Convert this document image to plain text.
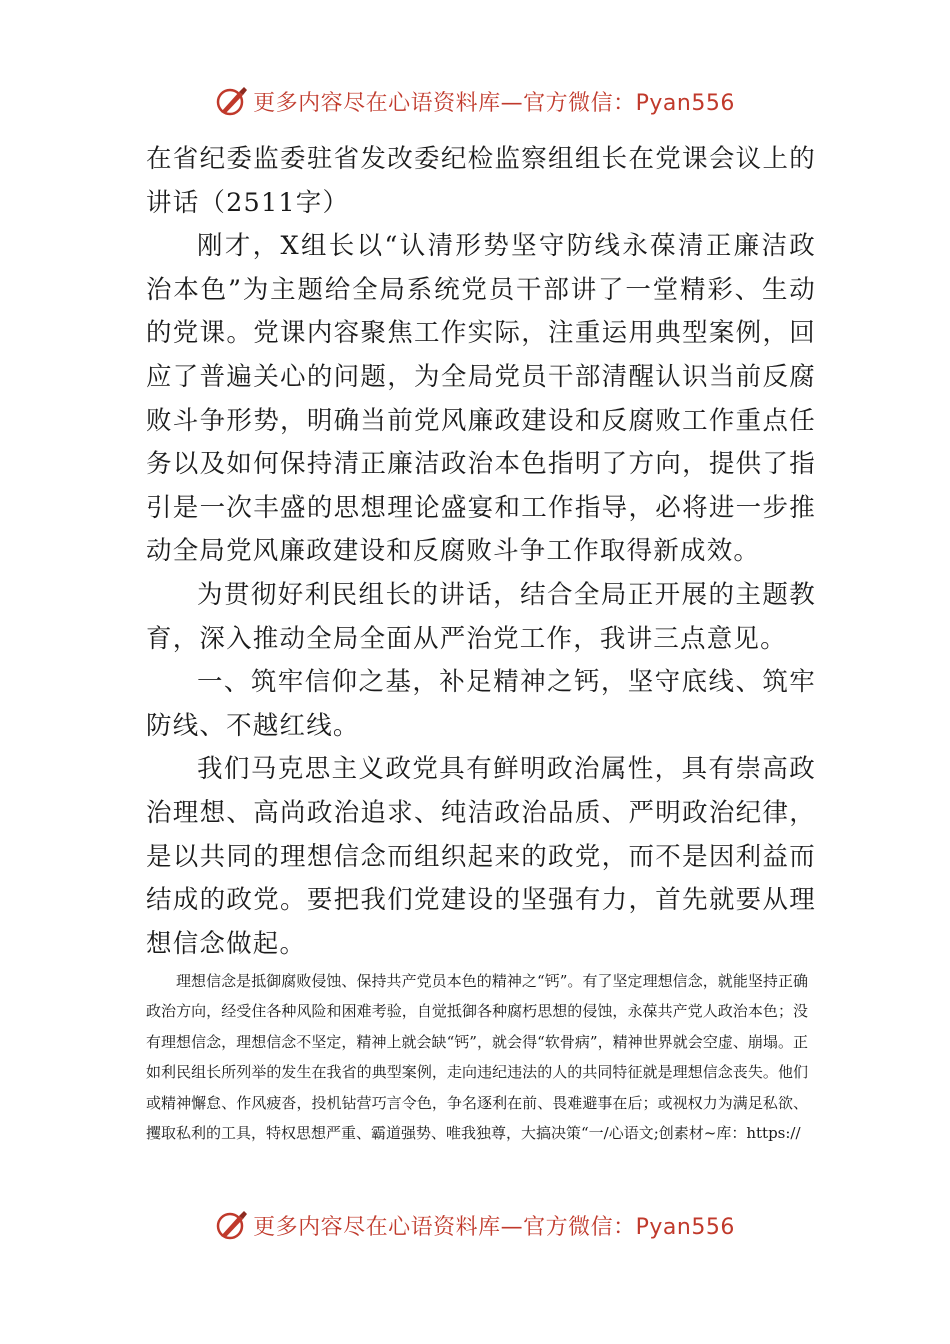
更多内容尽在心语资料库—官方微信：Pyan556

在省纪委监委驻省发改委纪检监察组组长在党课会议上的讲话（2511字）

刚才，X组长以“认清形势坚守防线永葆清正廉洁政治本色”为主题给全局系统党员干部讲了一堂精彩、生动的党课。党课内容聚焦工作实际，注重运用典型案例，回应了普遍关心的问题，为全局党员干部清醒认识当前反腐败斗争形势，明确当前党风廉政建设和反腐败工作重点任务以及如何保持清正廉洁政治本色指明了方向，提供了指引是一次丰盛的思想理论盛宴和工作指导，必将进一步推动全局党风廉政建设和反腐败斗争工作取得新成效。

为贯彻好利民组长的讲话，结合全局正开展的主题教育，深入推动全局全面从严治党工作，我讲三点意见。

一、筑牢信仰之基，补足精神之钙，坚守底线、筑牢防线、不越红线。

我们马克思主义政党具有鲜明政治属性，具有崇高政治理想、高尚政治追求、纯洁政治品质、严明政治纪律，是以共同的理想信念而组织起来的政党，而不是因利益而结成的政党。要把我们党建设的坚强有力，首先就要从理想信念做起。

理想信念是抵御腐败侵蚀、保持共产党员本色的精神之“钙”。有了坚定理想信念，就能坚持正确政治方向，经受住各种风险和困难考验，自觉抵御各种腐朽思想的侵蚀，永葆共产党人政治本色；没有理想信念，理想信念不坚定，精神上就会缺“钙”，就会得“软骨病”，精神世界就会空虚、崩塌。正如利民组长所列举的发生在我省的典型案例，走向违纪违法的人的共同特征就是理想信念丧失。他们或精神懈怠、作风疲沓，投机钻营巧言令色，争名逐利在前、畏难避事在后；或视权力为满足私欲、攫取私利的工具，特权思想严重、霸道强势、唯我独尊，大搞决策“一/心语文;创素材~库：https://

更多内容尽在心语资料库—官方微信：Pyan556
